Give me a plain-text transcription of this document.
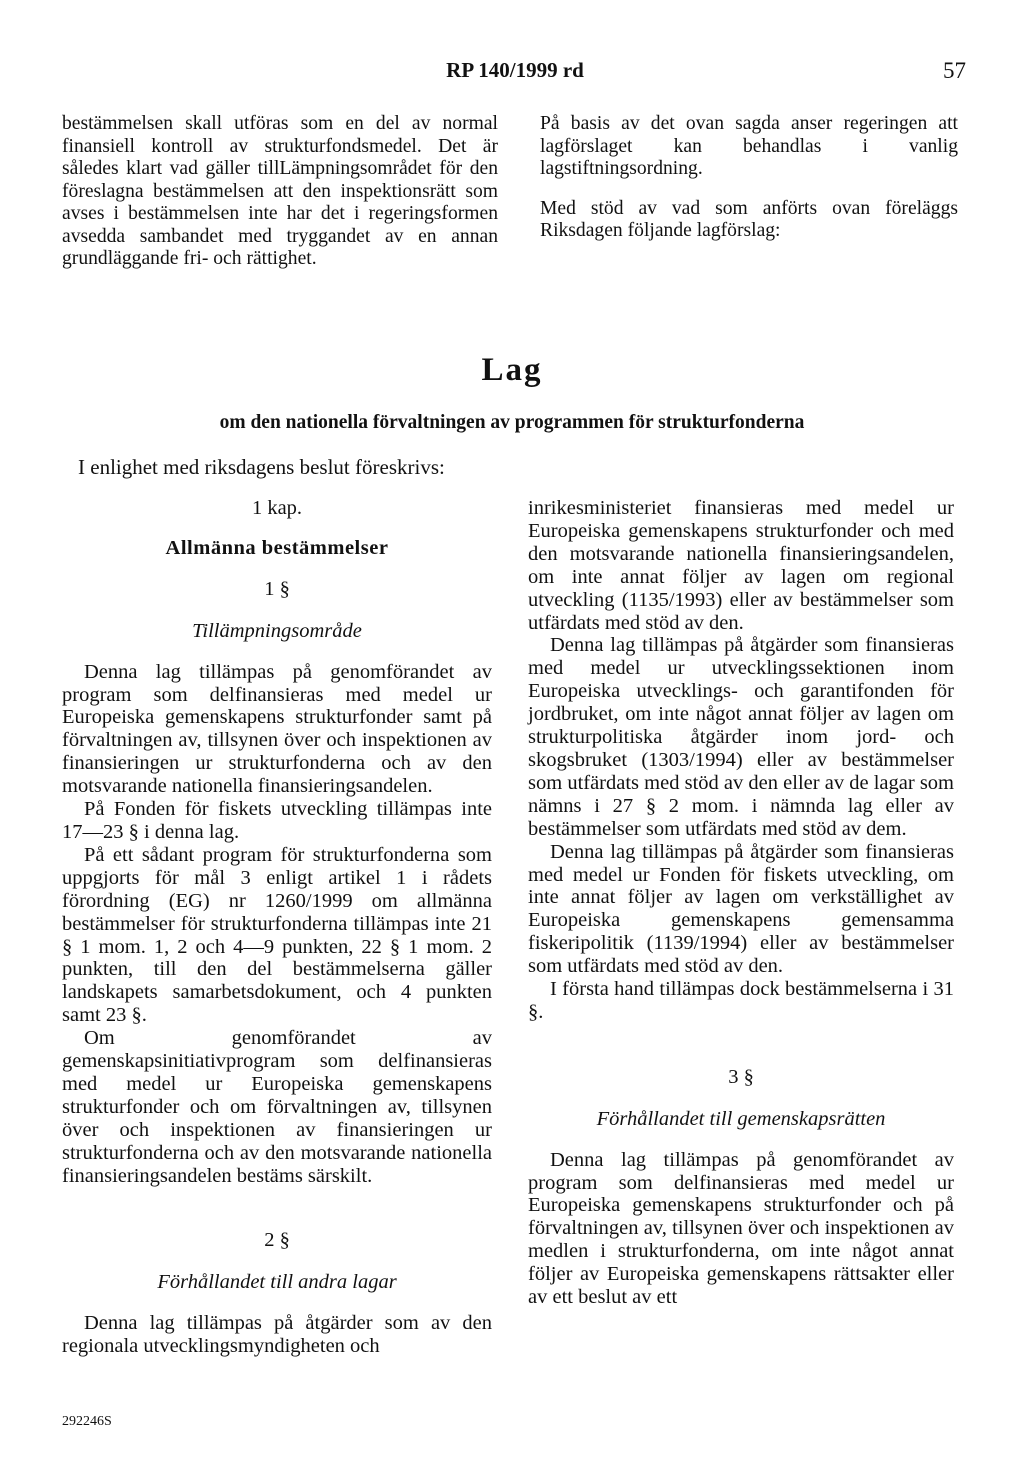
RP 140/1999 rd	57

bestämmelsen skall utföras som en del av normal finansiell kontroll av strukturfondsmedel. Det är således klart vad gäller tillLämpningsområdet för den föreslagna bestämmelsen att den inspektionsrätt som avses i bestämmelsen inte har det i regeringsformen avsedda sambandet med tryggandet av en annan grundläggande fri- och rättighet.

På basis av det ovan sagda anser regeringen att lagförslaget kan behandlas i vanlig lagstiftningsordning.

Med stöd av vad som anförts ovan föreläggs Riksdagen följande lagförslag:

Lag
om den nationella förvaltningen av programmen för strukturfonderna
I enlighet med riksdagens beslut föreskrivs:

1 kap.

Allmänna bestämmelser

1 §

Tillämpningsområde

Denna lag tillämpas på genomförandet av program som delfinansieras med medel ur Europeiska gemenskapens strukturfonder samt på förvaltningen av, tillsynen över och inspektionen av finansieringen ur strukturfonderna och av den motsvarande nationella finansieringsandelen.

På Fonden för fiskets utveckling tillämpas inte 17—23 § i denna lag.

På ett sådant program för strukturfonderna som uppgjorts för mål 3 enligt artikel 1 i rådets förordning (EG) nr 1260/1999 om allmänna bestämmelser för strukturfonderna tillämpas inte 21 § 1 mom. 1, 2 och 4—9 punkten, 22 § 1 mom. 2 punkten, till den del bestämmelserna gäller landskapets samarbetsdokument, och 4 punkten samt 23 §.

Om genomförandet av gemenskapsinitiativprogram som delfinansieras med medel ur Europeiska gemenskapens strukturfonder och om förvaltningen av, tillsynen över och inspektionen av finansieringen ur strukturfonderna och av den motsvarande nationella finansieringsandelen bestäms särskilt.

2 §

Förhållandet till andra lagar

Denna lag tillämpas på åtgärder som av den regionala utvecklingsmyndigheten och

inrikesministeriet finansieras med medel ur Europeiska gemenskapens strukturfonder och med den motsvarande nationella finansieringsandelen, om inte annat följer av lagen om regional utveckling (1135/1993) eller av bestämmelser som utfärdats med stöd av den.

Denna lag tillämpas på åtgärder som finansieras med medel ur utvecklingssektionen inom Europeiska utvecklings- och garantifonden för jordbruket, om inte något annat följer av lagen om strukturpolitiska åtgärder inom jord- och skogsbruket (1303/1994) eller av bestämmelser som utfärdats med stöd av den eller av de lagar som nämns i 27 § 2 mom. i nämnda lag eller av bestämmelser som utfärdats med stöd av dem.

Denna lag tillämpas på åtgärder som finansieras med medel ur Fonden för fiskets utveckling, om inte annat följer av lagen om verkställighet av Europeiska gemenskapens gemensamma fiskeripolitik (1139/1994) eller av bestämmelser som utfärdats med stöd av den.

I första hand tillämpas dock bestämmelserna i 31 §.

3 §

Förhållandet till gemenskapsrätten

Denna lag tillämpas på genomförandet av program som delfinansieras med medel ur Europeiska gemenskapens strukturfonder och på förvaltningen av, tillsynen över och inspektionen av medlen i strukturfonderna, om inte något annat följer av Europeiska gemenskapens rättsakter eller av ett beslut av ett

292246S
